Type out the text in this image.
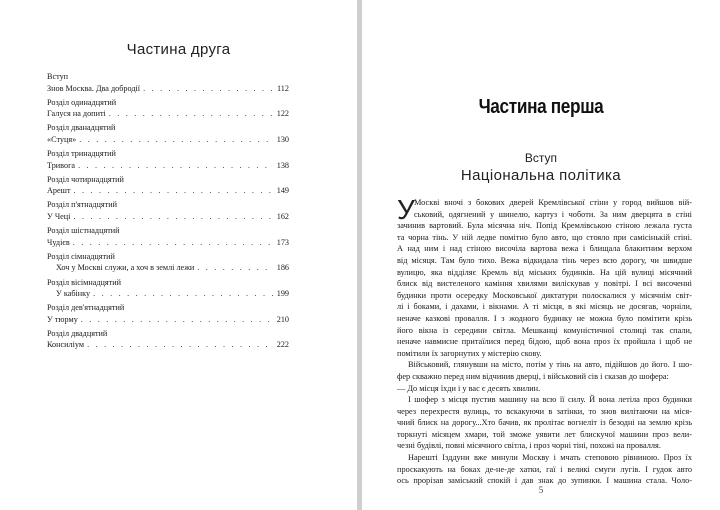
Частина друга
Вступ
Знов Москва. Два добродії . . .	112
Розділ одинадцятий
Галуся на допиті . . .	122
Розділ дванадцятий
«Стуця» . . .	130
Розділ тринадцятий
Тривога . . .	138
Розділ чотирнадцятий
Арешт . . .	149
Розділ п'ятнадцятий
У Чеці . . .	162
Розділ шістнадцятий
Чудієв . . .	173
Розділ сімнадцятий
Хоч у Москві служи, а хоч в землі лежи . . .	186
Розділ вісімнадцятий
У кабінку . . .	199
Розділ дев'ятнадцятий
У тюрму . . .	210
Розділ двадцятий
Консиліум . . .	222
Частина перша
Вступ
Національна політика
У Москві вночі з бокових дверей Кремлівської стіни у город вийшов вій-
ськовий, одягнений у шинелю, картуз і чоботи. За ним дверцята в стіні
зачинив вартовий. Була місячна ніч. Попід Кремлівською стіною лежала густа
та чорна тінь. У ній ледве помітно було авто, що стояло при самісінькій стіні.
А над ним і над стіною височіла вартова вежа і блищала блакитним верхом
від місяця. Там було тихо. Вежа відкидала тінь через всю дорогу, чи швидше
вулицю, яка відділяє Кремль від міських будинків. На цій вулиці місячний
блиск від вистеленого каміння хвилями виліскував у повітрі. І всі височенні
будинки проти осередку Московської диктатури полоскалися у місячнім світ-
лі і боками, і дахами, і вікнами. А ті місця, в які місяць не досягав, чорніли,
неначе казкові провалля. І з жодного будинку не можна було помітити крізь
його вікна із середини світла. Мешканці комуністичної столиці так спали,
неначе навмисне притаїлися перед бідою, щоб вона проз їх пройшла і щоб не
помітили їх загорнутих у містерію скову.
Військовий, глянувши на місто, потім у тінь на авто, підійшов до його. І шо-
фер скважно перед ним відчинив дверці, і військовий сів і сказав до шофера:
— До місця їхди і у вас є десять хвилин.
І шофер з місця пустив машину на всю її силу. Й вона летіла проз будинки
через перехрестя вулиць, то вскакуючи в затінки, то знов вилітаючи на міся-
чний блиск на дорогу...Хто бачив, як пролітає вогнеліт із безодні на землю крізь
торкнуті місяцем хмари, той зможе уявити лет блискучої машини проз вели-
чезні будівлі, повні місячного світла, і проз чорні тіні, похожі на провалля.
Нарешті Ізддуни вже минули Москву і мчать степовою рівниною. Проз їх
проскакують на боках де-не-де хатки, гаї і великі смуги лугів. І гудок авто
ось прорізав заміський спокій і дав знак до зупинки. І машина стала. Чоло-
5
